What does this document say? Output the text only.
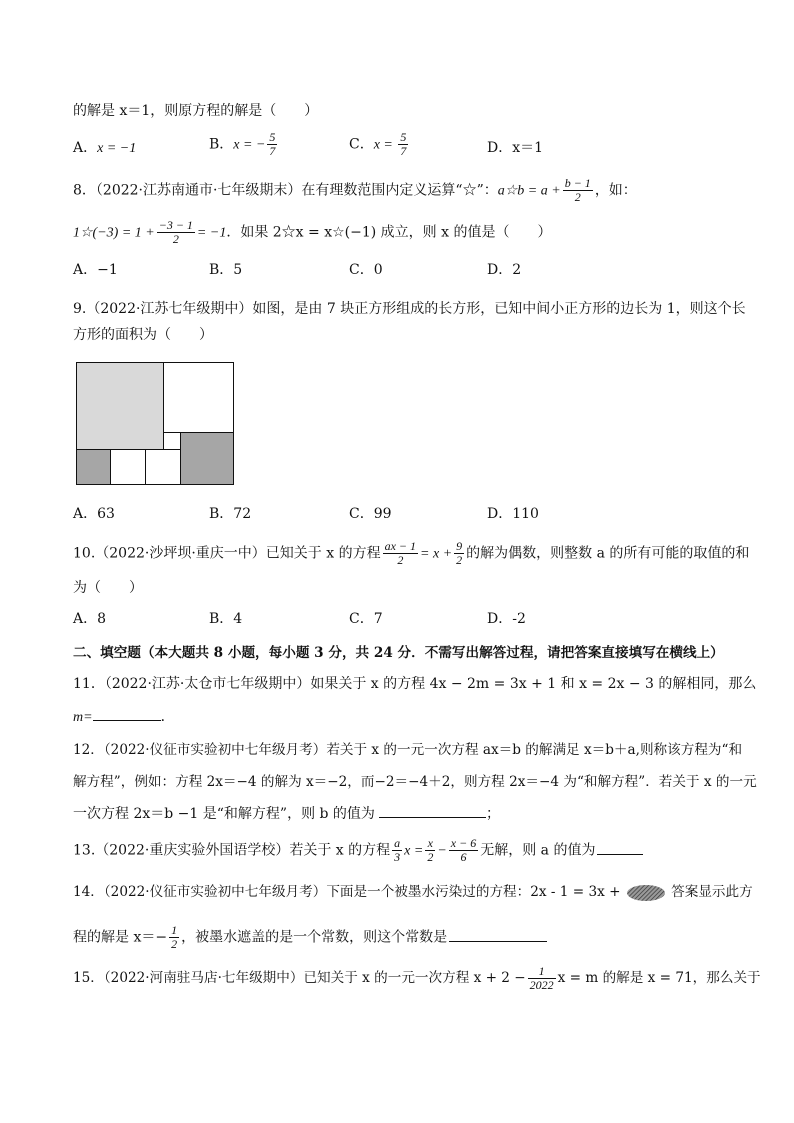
的解是 x＝1，则原方程的解是（　　）
A．x = −1	B．x = − $\frac{5}{7}$	C．$x = \frac{5}{7}$	D．x＝1
8．（2022·江苏南通市·七年级期末）在有理数范围内定义运算“☆”：a☆b = $a + \frac{b - 1}{2}$ ，如：
1☆(−3) = $1 + \frac{-3 - 1}{2} = -1$．如果 2☆x = x☆(−1) 成立，则 x 的值是（　　）
A．−1	B．5	C．0	D．2
9.（2022·江苏七年级期中）如图，是由 7 块正方形组成的长方形，已知中间小正方形的边长为 1，则这个长
方形的面积为（　　）
A．63	B．72	C．99	D．110
10.（2022·沙坪坝·重庆一中）已知关于 x 的方程 $\frac{ax - 1}{2} = x + \frac{9}{2}$ 的解为偶数，则整数 a 的所有可能的取值的和
为（　　）
A．8	B．4	C．7	D．-2
二、填空题（本大题共 8 小题，每小题 3 分，共 24 分．不需写出解答过程，请把答案直接填写在横线上）
11．（2022·江苏·太仓市七年级期中）如果关于 x 的方程 4x − 2m = 3x + 1 和 x = 2x − 3 的解相同，那么
m=	．
12．（2022·仪征市实验初中七年级月考）若关于 x 的一元一次方程 ax＝b 的解满足 x＝b＋a,则称该方程为“和
解方程”，例如：方程 2x＝−4 的解为 x＝−2，而−2＝−4＋2，则方程 2x＝−4 为“和解方程”．若关于 x 的一元
一次方程 2x＝b −1 是“和解方程”，则 b 的值为	；
13.（2022·重庆实验外国语学校）若关于 x 的方程 $\frac{a}{3}$ $x = \frac{x}{2} - \frac{x - 6}{6}$ 无解，则 a 的值为
14．（2022·仪征市实验初中七年级月考）下面是一个被墨水污染过的方程：2x - 1 = 3x +	答案显示此方
程的解是 $x=- \frac{1}{2}$ ，被墨水遮盖的是一个常数，则这个常数是
15．（2022·河南驻马店·七年级期中）已知关于 x 的一元一次方程 $x + 2 - \frac{1}{2022}$ x = m 的解是 x = 71，那么关于
